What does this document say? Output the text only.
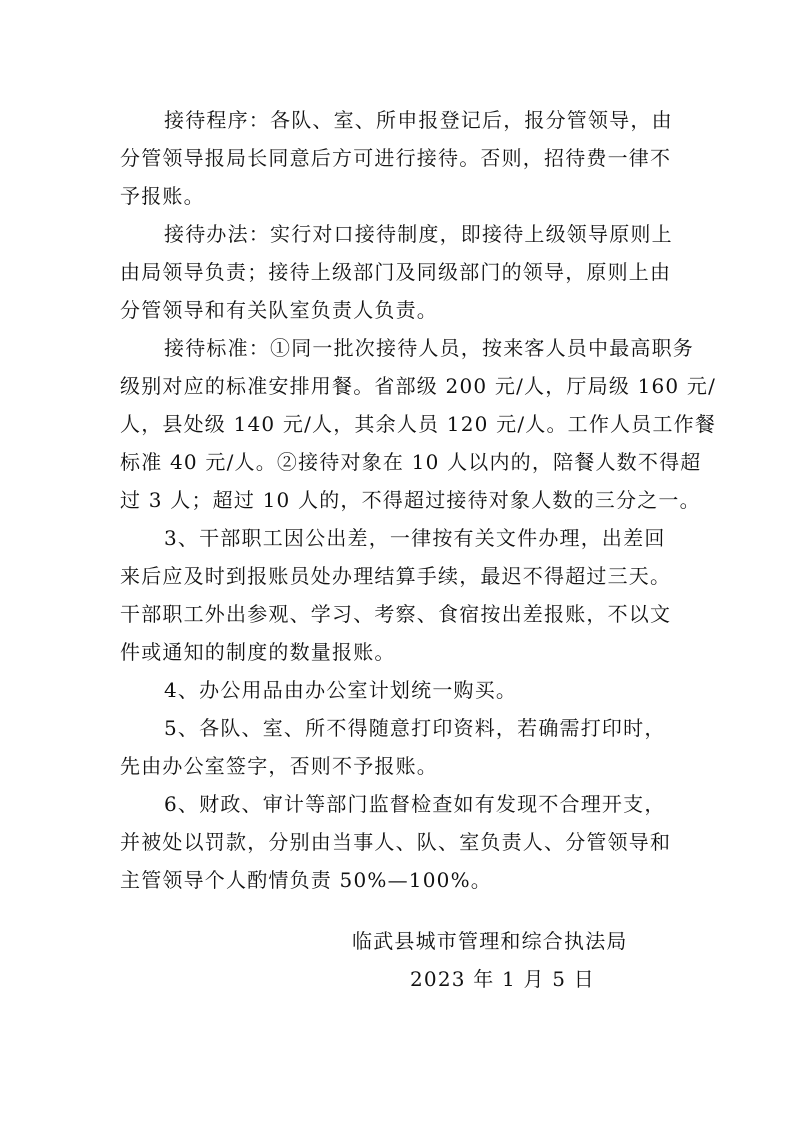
接待程序：各队、室、所申报登记后，报分管领导，由
分管领导报局长同意后方可进行接待。否则，招待费一律不
予报账。
接待办法：实行对口接待制度，即接待上级领导原则上
由局领导负责；接待上级部门及同级部门的领导，原则上由
分管领导和有关队室负责人负责。
接待标准：①同一批次接待人员，按来客人员中最高职务
级别对应的标准安排用餐。省部级 200 元/人，厅局级 160 元/
人，县处级 140 元/人，其余人员 120 元/人。工作人员工作餐
标准 40 元/人。②接待对象在 10 人以内的，陪餐人数不得超
过 3 人；超过 10 人的，不得超过接待对象人数的三分之一。
3、干部职工因公出差，一律按有关文件办理，出差回
来后应及时到报账员处办理结算手续，最迟不得超过三天。
干部职工外出参观、学习、考察、食宿按出差报账，不以文
件或通知的制度的数量报账。
4、办公用品由办公室计划统一购买。
5、各队、室、所不得随意打印资料，若确需打印时，
先由办公室签字，否则不予报账。
6、财政、审计等部门监督检查如有发现不合理开支，
并被处以罚款，分别由当事人、队、室负责人、分管领导和
主管领导个人酌情负责 50%—100%。
临武县城市管理和综合执法局
2023 年 1 月 5 日
